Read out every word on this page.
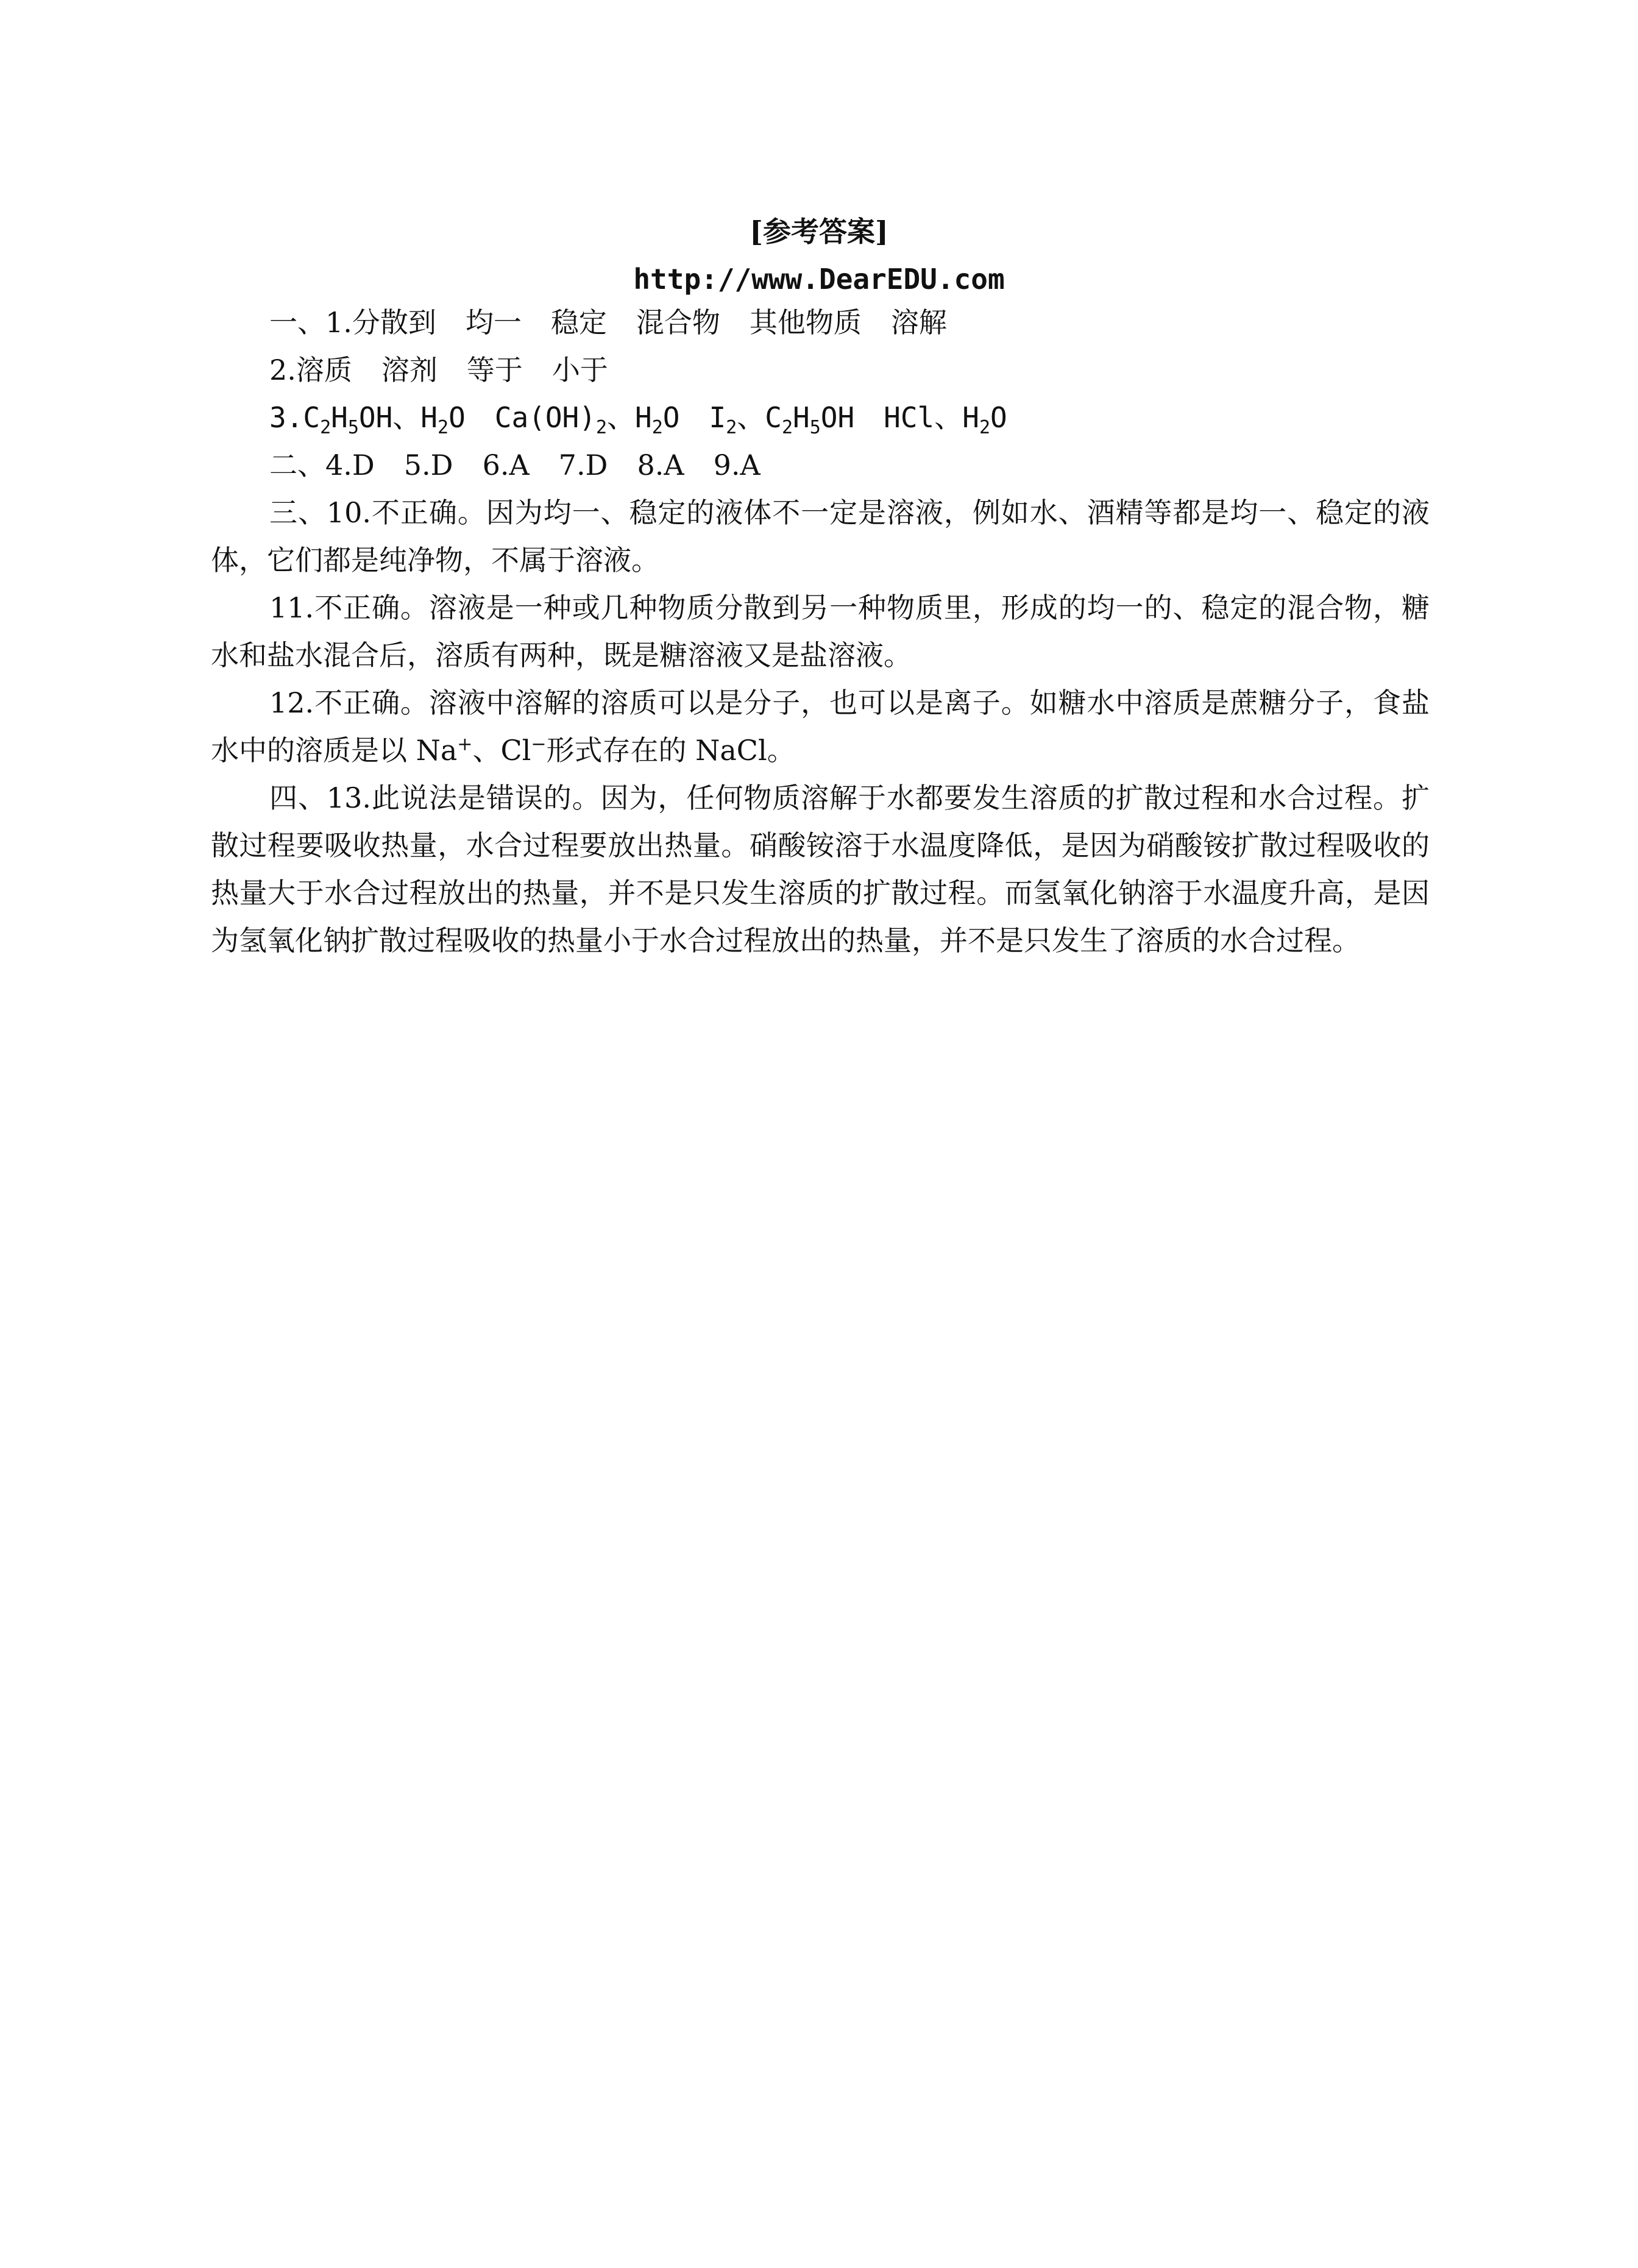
[参考答案]
http://www.DearEDU.com
一、1.分散到 均一 稳定 混合物 其他物质 溶解
2.溶质 溶剂 等于 小于
$3.C_2H_5OH$、$H_2O$ $Ca(OH)_2$、$H_2O$ $I_2$、$C_2H_5OH$ HCl、$H_2O$
二、4.D 5.D 6.A 7.D 8.A 9.A
三、10.不正确。因为均一、稳定的液体不一定是溶液，例如水、酒精等都是均一、稳定的液体，它们都是纯净物，不属于溶液。
11.不正确。溶液是一种或几种物质分散到另一种物质里，形成的均一的、稳定的混合物，糖水和盐水混合后，溶质有两种，既是糖溶液又是盐溶液。
12.不正确。溶液中溶解的溶质可以是分子，也可以是离子。如糖水中溶质是蔗糖分子，食盐水中的溶质是以 Na+、Cl−形式存在的 NaCl。
四、13.此说法是错误的。因为，任何物质溶解于水都要发生溶质的扩散过程和水合过程。扩散过程要吸收热量，水合过程要放出热量。硝酸铵溶于水温度降低，是因为硝酸铵扩散过程吸收的热量大于水合过程放出的热量，并不是只发生溶质的扩散过程。而氢氧化钠溶于水温度升高，是因为氢氧化钠扩散过程吸收的热量小于水合过程放出的热量，并不是只发生了溶质的水合过程。
